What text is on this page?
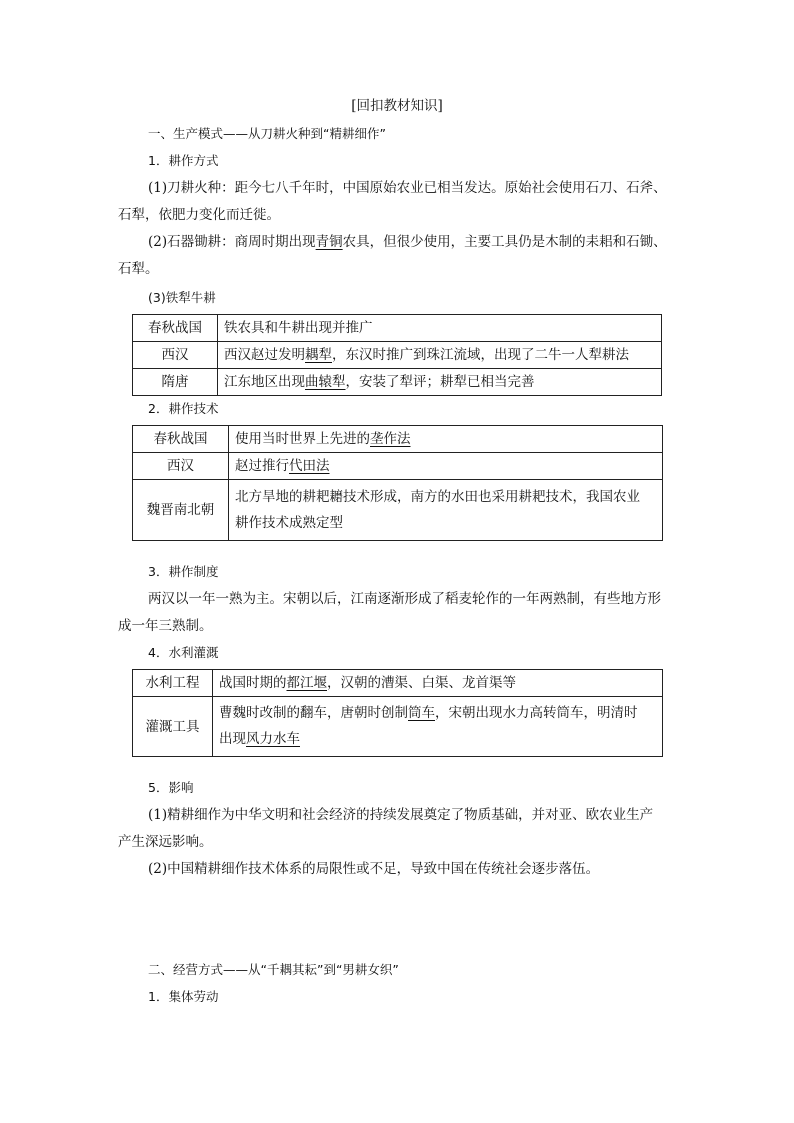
[回扣教材知识]
一、生产模式——从刀耕火种到“精耕细作”
1．耕作方式
(1)刀耕火种：距今七八千年时，中国原始农业已相当发达。原始社会使用石刀、石斧、
石犁，依肥力变化而迁徙。
(2)石器锄耕：商周时期出现青铜农具，但很少使用，主要工具仍是木制的耒耜和石锄、
石犁。
(3)铁犁牛耕
春秋战国	铁农具和牛耕出现并推广
西汉	西汉赵过发明耦犁，东汉时推广到珠江流域，出现了二牛一人犁耕法
隋唐	江东地区出现曲辕犁，安装了犁评；耕犁已相当完善
2．耕作技术
春秋战国	使用当时世界上先进的垄作法
西汉	赵过推行代田法
魏晋南北朝	北方旱地的耕耙耱技术形成，南方的水田也采用耕耙技术，我国农业
耕作技术成熟定型
3．耕作制度
两汉以一年一熟为主。宋朝以后，江南逐渐形成了稻麦轮作的一年两熟制，有些地方形
成一年三熟制。
4．水利灌溉
水利工程	战国时期的都江堰，汉朝的漕渠、白渠、龙首渠等
灌溉工具	曹魏时改制的翻车，唐朝时创制筒车，宋朝出现水力高转筒车，明清时
出现风力水车
5．影响
(1)精耕细作为中华文明和社会经济的持续发展奠定了物质基础，并对亚、欧农业生产
产生深远影响。
(2)中国精耕细作技术体系的局限性或不足，导致中国在传统社会逐步落伍。
二、经营方式——从“千耦其耘”到“男耕女织”
1．集体劳动
